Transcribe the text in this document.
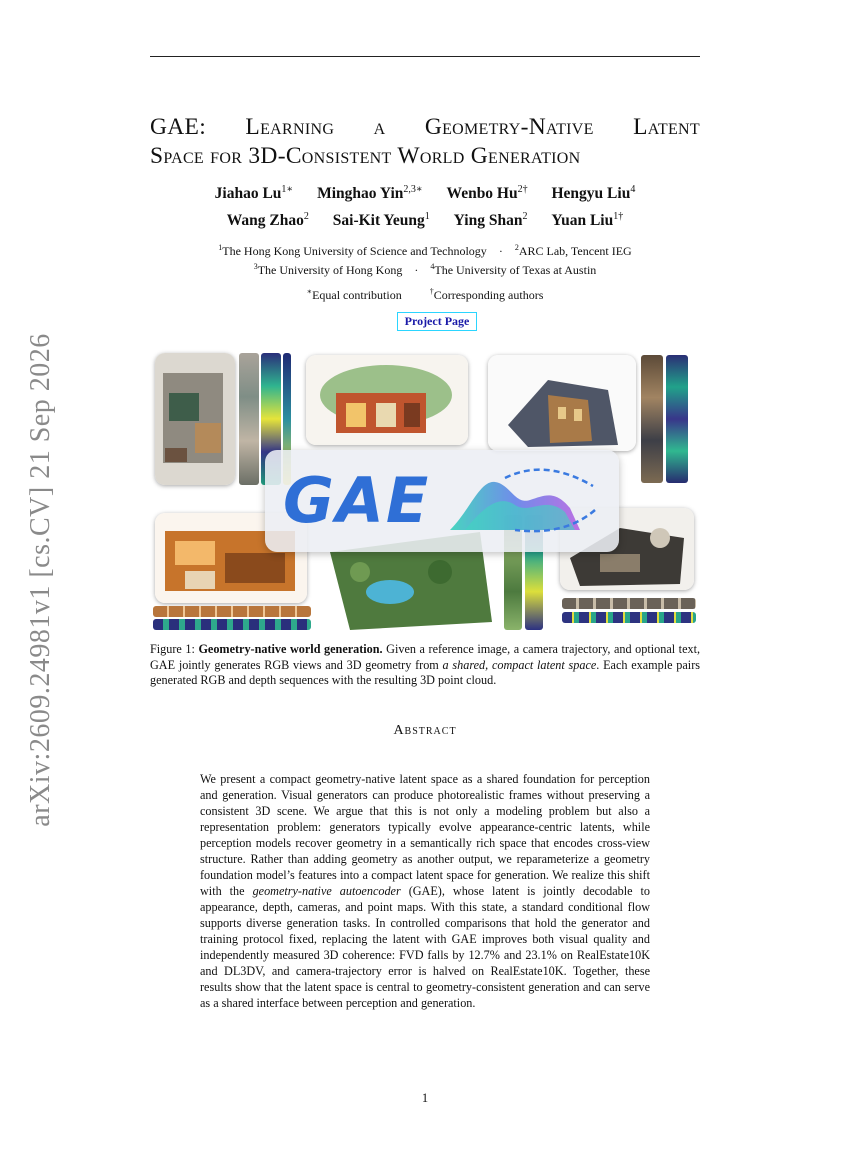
arXiv:2609.24981v1 [cs.CV] 21 Sep 2026
GAE: Learning a Geometry-Native Latent
Space for 3D-Consistent World Generation
Jiahao $Lu^{1∗}$ Minghao Yin$^{2,3∗}$ Wenbo $Hu^{2\dagger}$ Hengyu Liu$^4$
Wang Zhao$^2$ Sai-Kit Yeung$^1$ Ying Shan$^2$ Yuan Liu$^{1\dagger}$
$^1$The Hong Kong University of Science and Technology · $^2$ARC Lab, Tencent IEG
$^3$The University of Hong Kong · $^4$The University of Texas at Austin
∗Equal contribution	†Corresponding authors
Project Page
GAE
Figure 1: Geometry-native world generation. Given a reference image, a camera trajectory, and optional text, GAE jointly generates RGB views and 3D geometry from a shared, compact latent space. Each example pairs generated RGB and depth sequences with the resulting 3D point cloud.
Abstract
We present a compact geometry-native latent space as a shared foundation for perception and generation. Visual generators can produce photorealistic frames without preserving a consistent 3D scene. We argue that this is not only a modeling problem but also a representation problem: generators typically evolve appearance-centric latents, while perception models recover geometry in a semantically rich space that encodes cross-view structure. Rather than adding geometry as another output, we reparameterize a geometry foundation model’s features into a compact latent space for generation. We realize this shift with the geometry-native autoencoder (GAE), whose latent is jointly decodable to appearance, depth, cameras, and point maps. With this state, a standard conditional flow supports diverse generation tasks. In controlled comparisons that hold the generator and training protocol fixed, replacing the latent with GAE improves both visual quality and independently measured 3D coherence: FVD falls by 12.7% and 23.1% on RealEstate10K and DL3DV, and camera-trajectory error is halved on RealEstate10K. Together, these results show that the latent space is central to geometry-consistent generation and can serve as a shared interface between perception and generation.
1
